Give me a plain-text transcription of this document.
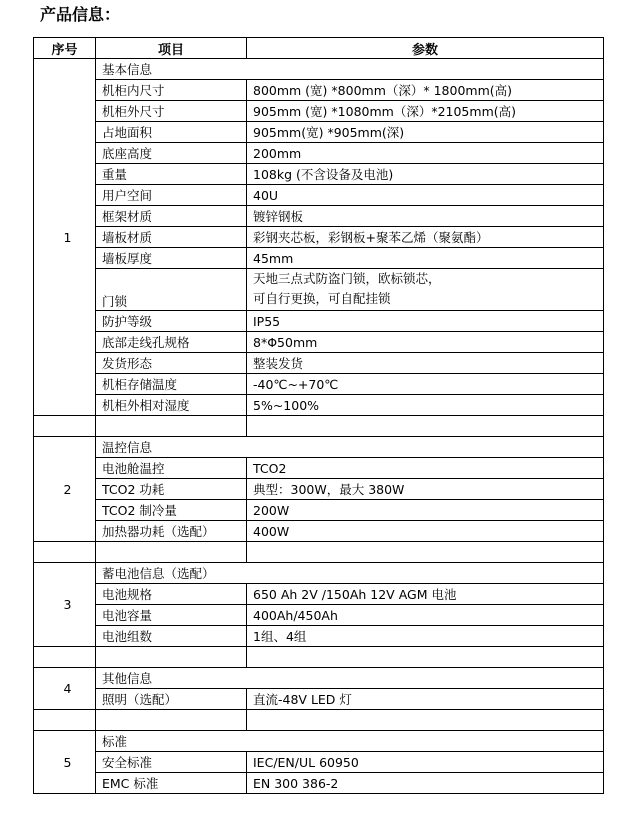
产品信息：
序号	项目	参数
1	基本信息	
	机柜内尺寸	800mm (宽) *800mm（深）* 1800mm(高)
	机柜外尺寸	905mm (宽) *1080mm（深）*2105mm(高)
	占地面积	905mm(宽) *905mm(深)
	底座高度	200mm
	重量	108kg (不含设备及电池)
	用户空间	40U
	框架材质	镀锌钢板
	墙板材质	彩钢夹芯板，彩钢板+聚苯乙烯（聚氨酯）
	墙板厚度	45mm
	门锁	天地三点式防盗门锁，欧标锁芯，
可自行更换，可自配挂锁

	防护等级	IP55
	底部走线孔规格	8*Φ50mm
	发货形态	整装发货
	机柜存储温度	-40℃~+70℃
	机柜外相对湿度	5%~100%

2	温控信息	
	电池舱温控	TCO2
	TCO2 功耗	典型：300W，最大 380W
	TCO2 制冷量	200W
	加热器功耗（选配）	400W

3	蓄电池信息（选配）	
	电池规格	650 Ah 2V /150Ah 12V AGM 电池
	电池容量	400Ah/450Ah
	电池组数	1组、4组

4	其他信息	
	照明（选配）	直流-48V LED 灯

5	标准	
	安全标准	IEC/EN/UL 60950
	EMC 标准	EN 300 386-2
